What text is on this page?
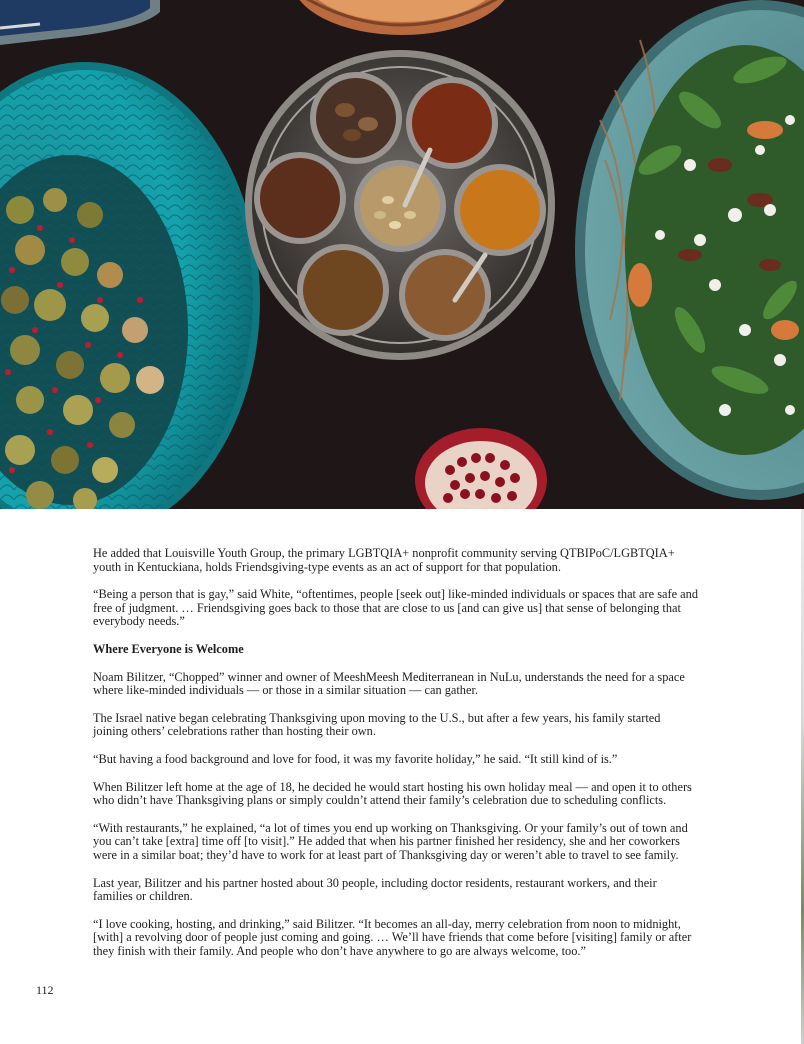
He added that Louisville Youth Group, the primary LGBTQIA+ nonprofit community serving QTBIPoC/LGBTQIA+ youth in Kentuckiana, holds Friendsgiving-type events as an act of support for that population.

“Being a person that is gay,” said White, “oftentimes, people [seek out] like-minded individuals or spaces that are safe and free of judgment. … Friendsgiving goes back to those that are close to us [and can give us] that sense of belonging that everybody needs.”

Where Everyone is Welcome

Noam Bilitzer, “Chopped” winner and owner of MeeshMeesh Mediterranean in NuLu, understands the need for a space where like-minded individuals — or those in a similar situation — can gather.

The Israel native began celebrating Thanksgiving upon moving to the U.S., but after a few years, his family started joining others’ celebrations rather than hosting their own.

“But having a food background and love for food, it was my favorite holiday,” he said. “It still kind of is.”

When Bilitzer left home at the age of 18, he decided he would start hosting his own holiday meal — and open it to others who didn’t have Thanksgiving plans or simply couldn’t attend their family’s celebration due to scheduling conflicts.

“With restaurants,” he explained, “a lot of times you end up working on Thanksgiving. Or your family’s out of town and you can’t take [extra] time off [to visit].” He added that when his partner finished her residency, she and her coworkers were in a similar boat; they’d have to work for at least part of Thanksgiving day or weren’t able to travel to see family.

Last year, Bilitzer and his partner hosted about 30 people, including doctor residents, restaurant workers, and their families or children.

“I love cooking, hosting, and drinking,” said Bilitzer. “It becomes an all-day, merry celebration from noon to midnight, [with] a revolving door of people just coming and going. … We’ll have friends that come before [visiting] family or after they finish with their family. And people who don’t have anywhere to go are always welcome, too.”

112
